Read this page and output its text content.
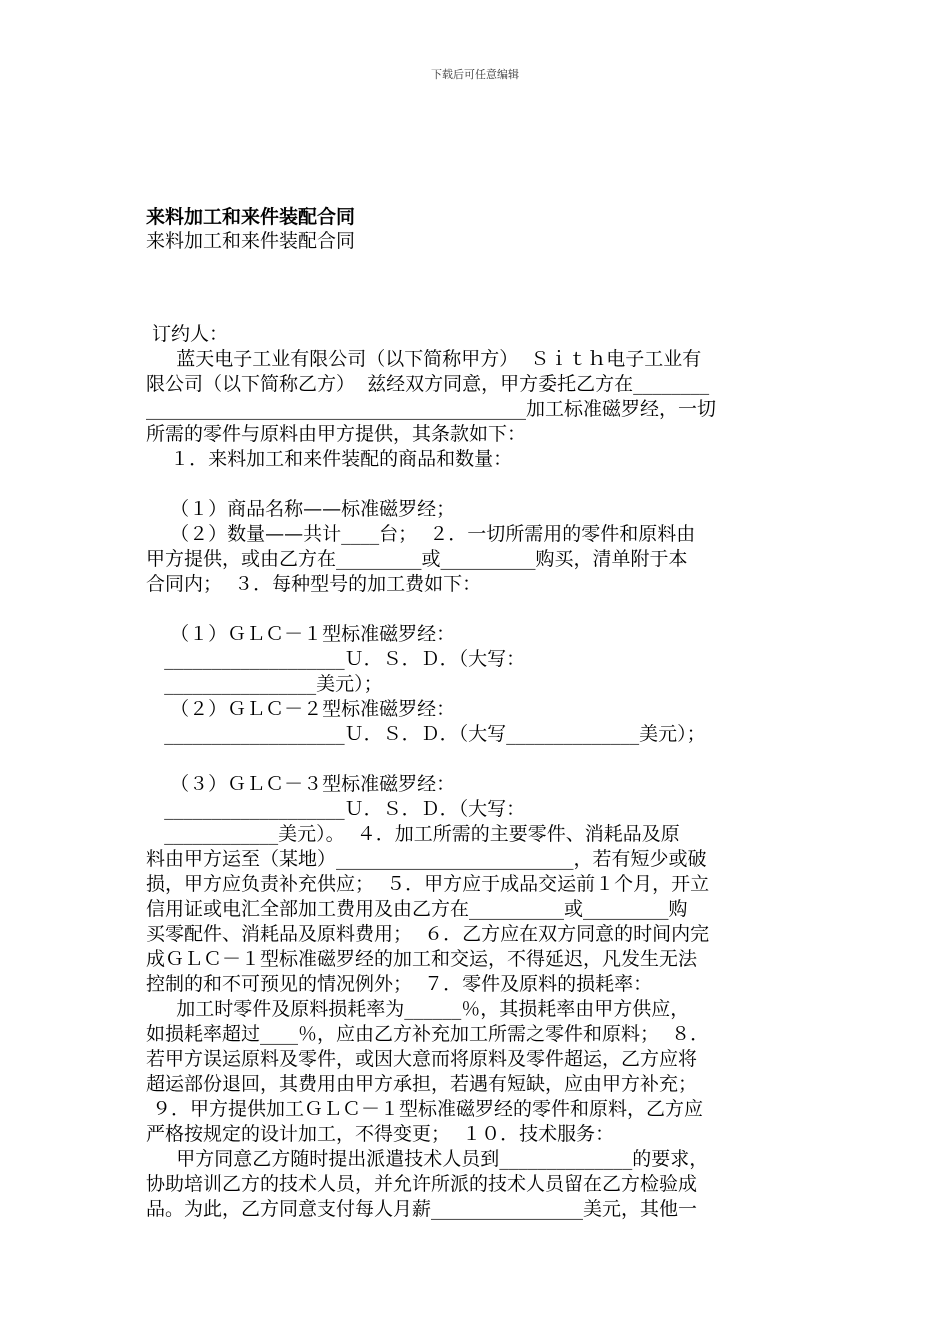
下载后可任意编辑
来料加工和来件装配合同
来料加工和来件装配合同
订约人：
蓝天电子工业有限公司（以下简称甲方）  Ｓｉｔｈ电子工业有
限公司（以下简称乙方）  兹经双方同意，甲方委托乙方在________
________________________________________加工标准磁罗经，一切
所需的零件与原料由甲方提供，其条款如下：
１．来料加工和来件装配的商品和数量：
（１）商品名称——标准磁罗经；
（２）数量——共计____台；  ２．一切所需用的零件和原料由
甲方提供，或由乙方在_________或__________购买，清单附于本
合同内；  ３．每种型号的加工费如下：
（１）ＧＬＣ－１型标准磁罗经：
___________________Ｕ．Ｓ．Ｄ．（大写：
________________美元）；
（２）ＧＬＣ－２型标准磁罗经：
___________________Ｕ．Ｓ．Ｄ．（大写______________美元）；
（３）ＧＬＣ－３型标准磁罗经：
___________________Ｕ．Ｓ．Ｄ．（大写：
____________美元）。  ４．加工所需的主要零件、消耗品及原
料由甲方运至（某地）_________________________，若有短少或破
损，甲方应负责补充供应；  ５．甲方应于成品交运前１个月，开立
信用证或电汇全部加工费用及由乙方在__________或_________购
买零配件、消耗品及原料费用；  ６．乙方应在双方同意的时间内完
成ＧＬＣ－１型标准磁罗经的加工和交运，不得延迟，凡发生无法
控制的和不可预见的情况例外；  ７．零件及原料的损耗率：
加工时零件及原料损耗率为______％，其损耗率由甲方供应，
如损耗率超过____％，应由乙方补充加工所需之零件和原料；  ８．
若甲方误运原料及零件，或因大意而将原料及零件超运，乙方应将
超运部份退回，其费用由甲方承担，若遇有短缺，应由甲方补充；
９．甲方提供加工ＧＬＣ－１型标准磁罗经的零件和原料，乙方应
严格按规定的设计加工，不得变更；  １０．技术服务：
甲方同意乙方随时提出派遣技术人员到______________的要求，
协助培训乙方的技术人员，并允许所派的技术人员留在乙方检验成
品。为此，乙方同意支付每人月薪________________美元，其他一
